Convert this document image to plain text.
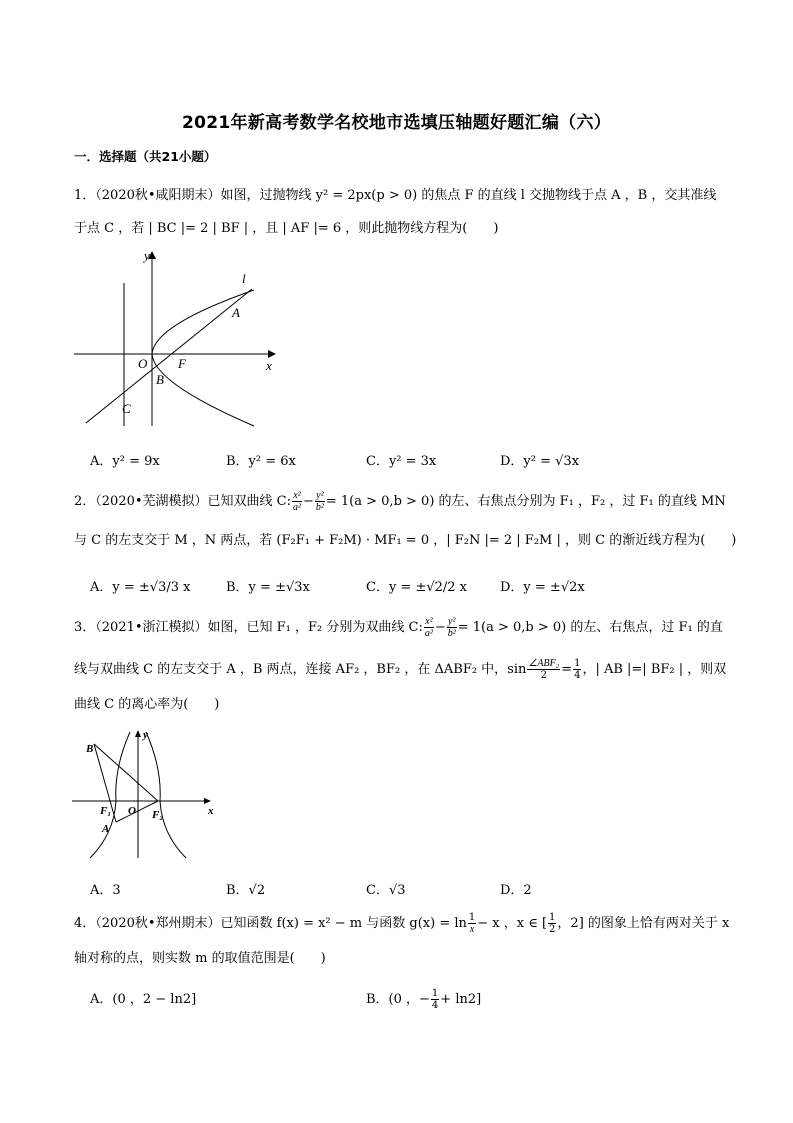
2021年新高考数学名校地市选填压轴题好题汇编（六）
一．选择题（共21小题）
1．（2020秋•咸阳期末）如图，过抛物线 y² = 2px(p > 0) 的焦点 F 的直线 l 交抛物线于点 A ，B ，交其准线
于点 C ，若 | BC |= 2 | BF | ，且 | AF |= 6 ，则此抛物线方程为(　　)
y
x
l
A
O F
B
C
A．y² = 9x	B．y² = 6x	C．y² = 3x	D．y² = √3x
2．（2020•芜湖模拟）已知双曲线 C: $\frac{\text{x²}}{\text{a²}} - \frac{\text{y²}}{\text{b²}} = 1(a > 0,b > 0)$ 的左、右焦点分别为 F₁ ，F₂ ，过 F₁ 的直线 MN
与 C 的左支交于 M ，N 两点，若 (F₂F₁ + F₂M) · MF₁ = 0 ，| F₂N |= 2 | F₂M | ，则 C 的渐近线方程为(　　)
A．y = ±√3/3 x	B．y = ±√3x	C．y = ±√2/2 x	D．y = ±√2x
3．（2021•浙江模拟）如图，已知 F₁ ，F₂ 分别为双曲线 C: $\frac{\text{x²}}{\text{a²}} - \frac{\text{y²}}{\text{b²}} = 1(a > 0,b > 0)$ 的左、右焦点，过 F₁ 的直
线与双曲线 C 的左支交于 A ，B 两点，连接 AF₂ ，BF₂ ，在 ΔABF₂ 中，$\sin \frac{\text{∠ABF₂}}{2} = \frac{1}{4}$ ，| AB |=| BF₂ | ，则双
曲线 C 的离心率为(　　)
y
x
B
F₁ O F₂
A
A．3	B．√2	C．√3	D．2
4．（2020秋•郑州期末）已知函数 f(x) = x² − m 与函数 $g(x) = \ln \frac{1}{x} - x$ ，x ∈ [ $\frac{1}{2}$ ，2] 的图象上恰有两对关于 x
轴对称的点，则实数 m 的取值范围是(　　)
A．(0 ，2 − ln2]	B．(0 ，− $\frac{1}{4} + \ln 2$]
